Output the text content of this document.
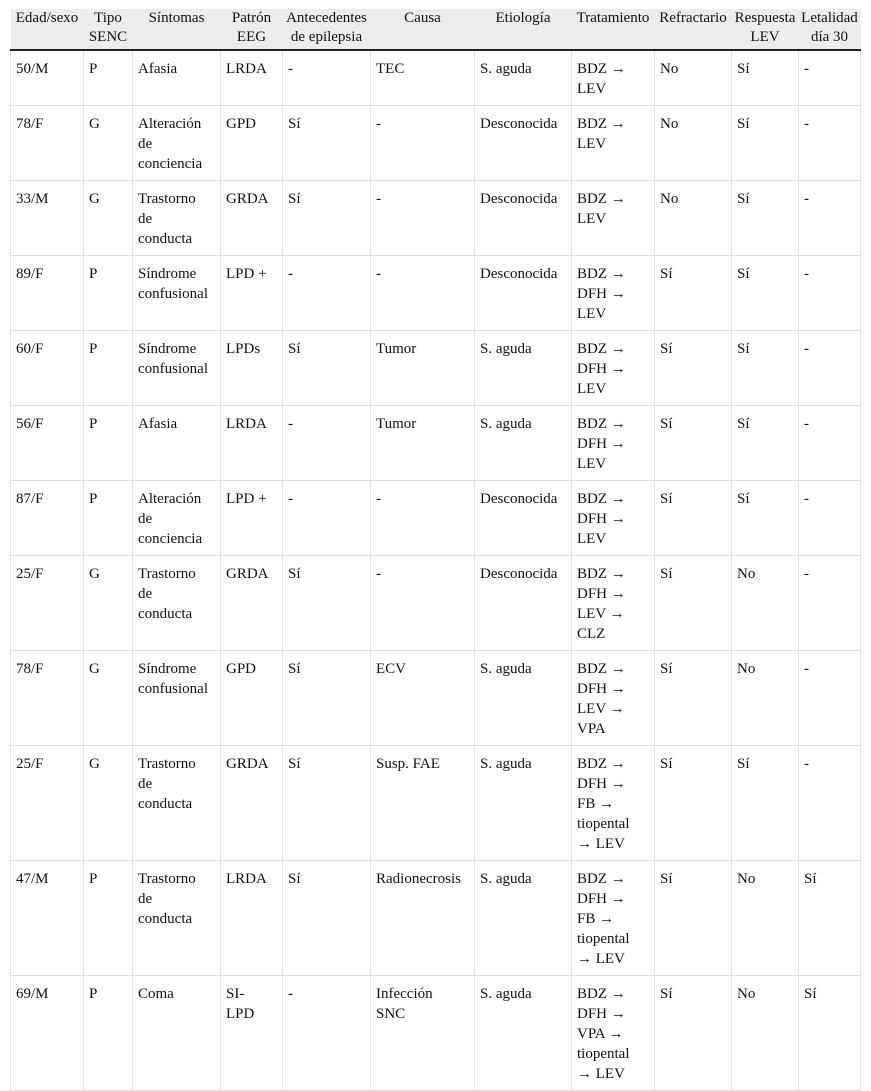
Edad/sexo	Tipo
SENC	Síntomas	Patrón
EEG	Antecedentes
de epilepsia	Causa	Etiología	Tratamiento	Refractario	Respuesta
LEV	Letalidad
día 30

50/M	P	Afasia	LRDA	-	TEC	S. aguda	BDZ →
LEV	No	Sí	-

78/F	G	Alteración
de
conciencia	GPD	Sí	-	Desconocida	BDZ →
LEV	No	Sí	-

33/M	G	Trastorno
de
conducta	GRDA	Sí	-	Desconocida	BDZ →
LEV	No	Sí	-

89/F	P	Síndrome
confusional	LPD +	-	-	Desconocida	BDZ →
DFH →
LEV	Sí	Sí	-

60/F	P	Síndrome
confusional	LPDs	Sí	Tumor	S. aguda	BDZ →
DFH →
LEV	Sí	Sí	-

56/F	P	Afasia	LRDA	-	Tumor	S. aguda	BDZ →
DFH →
LEV	Sí	Sí	-

87/F	P	Alteración
de
conciencia	LPD +	-	-	Desconocida	BDZ →
DFH →
LEV	Sí	Sí	-

25/F	G	Trastorno
de
conducta	GRDA	Sí	-	Desconocida	BDZ →
DFH →
LEV →
CLZ	Sí	No	-

78/F	G	Síndrome
confusional	GPD	Sí	ECV	S. aguda	BDZ →
DFH →
LEV →
VPA	Sí	No	-

25/F	G	Trastorno
de
conducta	GRDA	Sí	Susp. FAE	S. aguda	BDZ →
DFH →
FB →
tiopental
→ LEV	Sí	Sí	-

47/M	P	Trastorno
de
conducta	LRDA	Sí	Radionecrosis	S. aguda	BDZ →
DFH →
FB →
tiopental
→ LEV	Sí	No	Sí

69/M	P	Coma	SI-
LPD	-	Infección
SNC	S. aguda	BDZ →
DFH →
VPA →
tiopental
→ LEV	Sí	No	Sí
